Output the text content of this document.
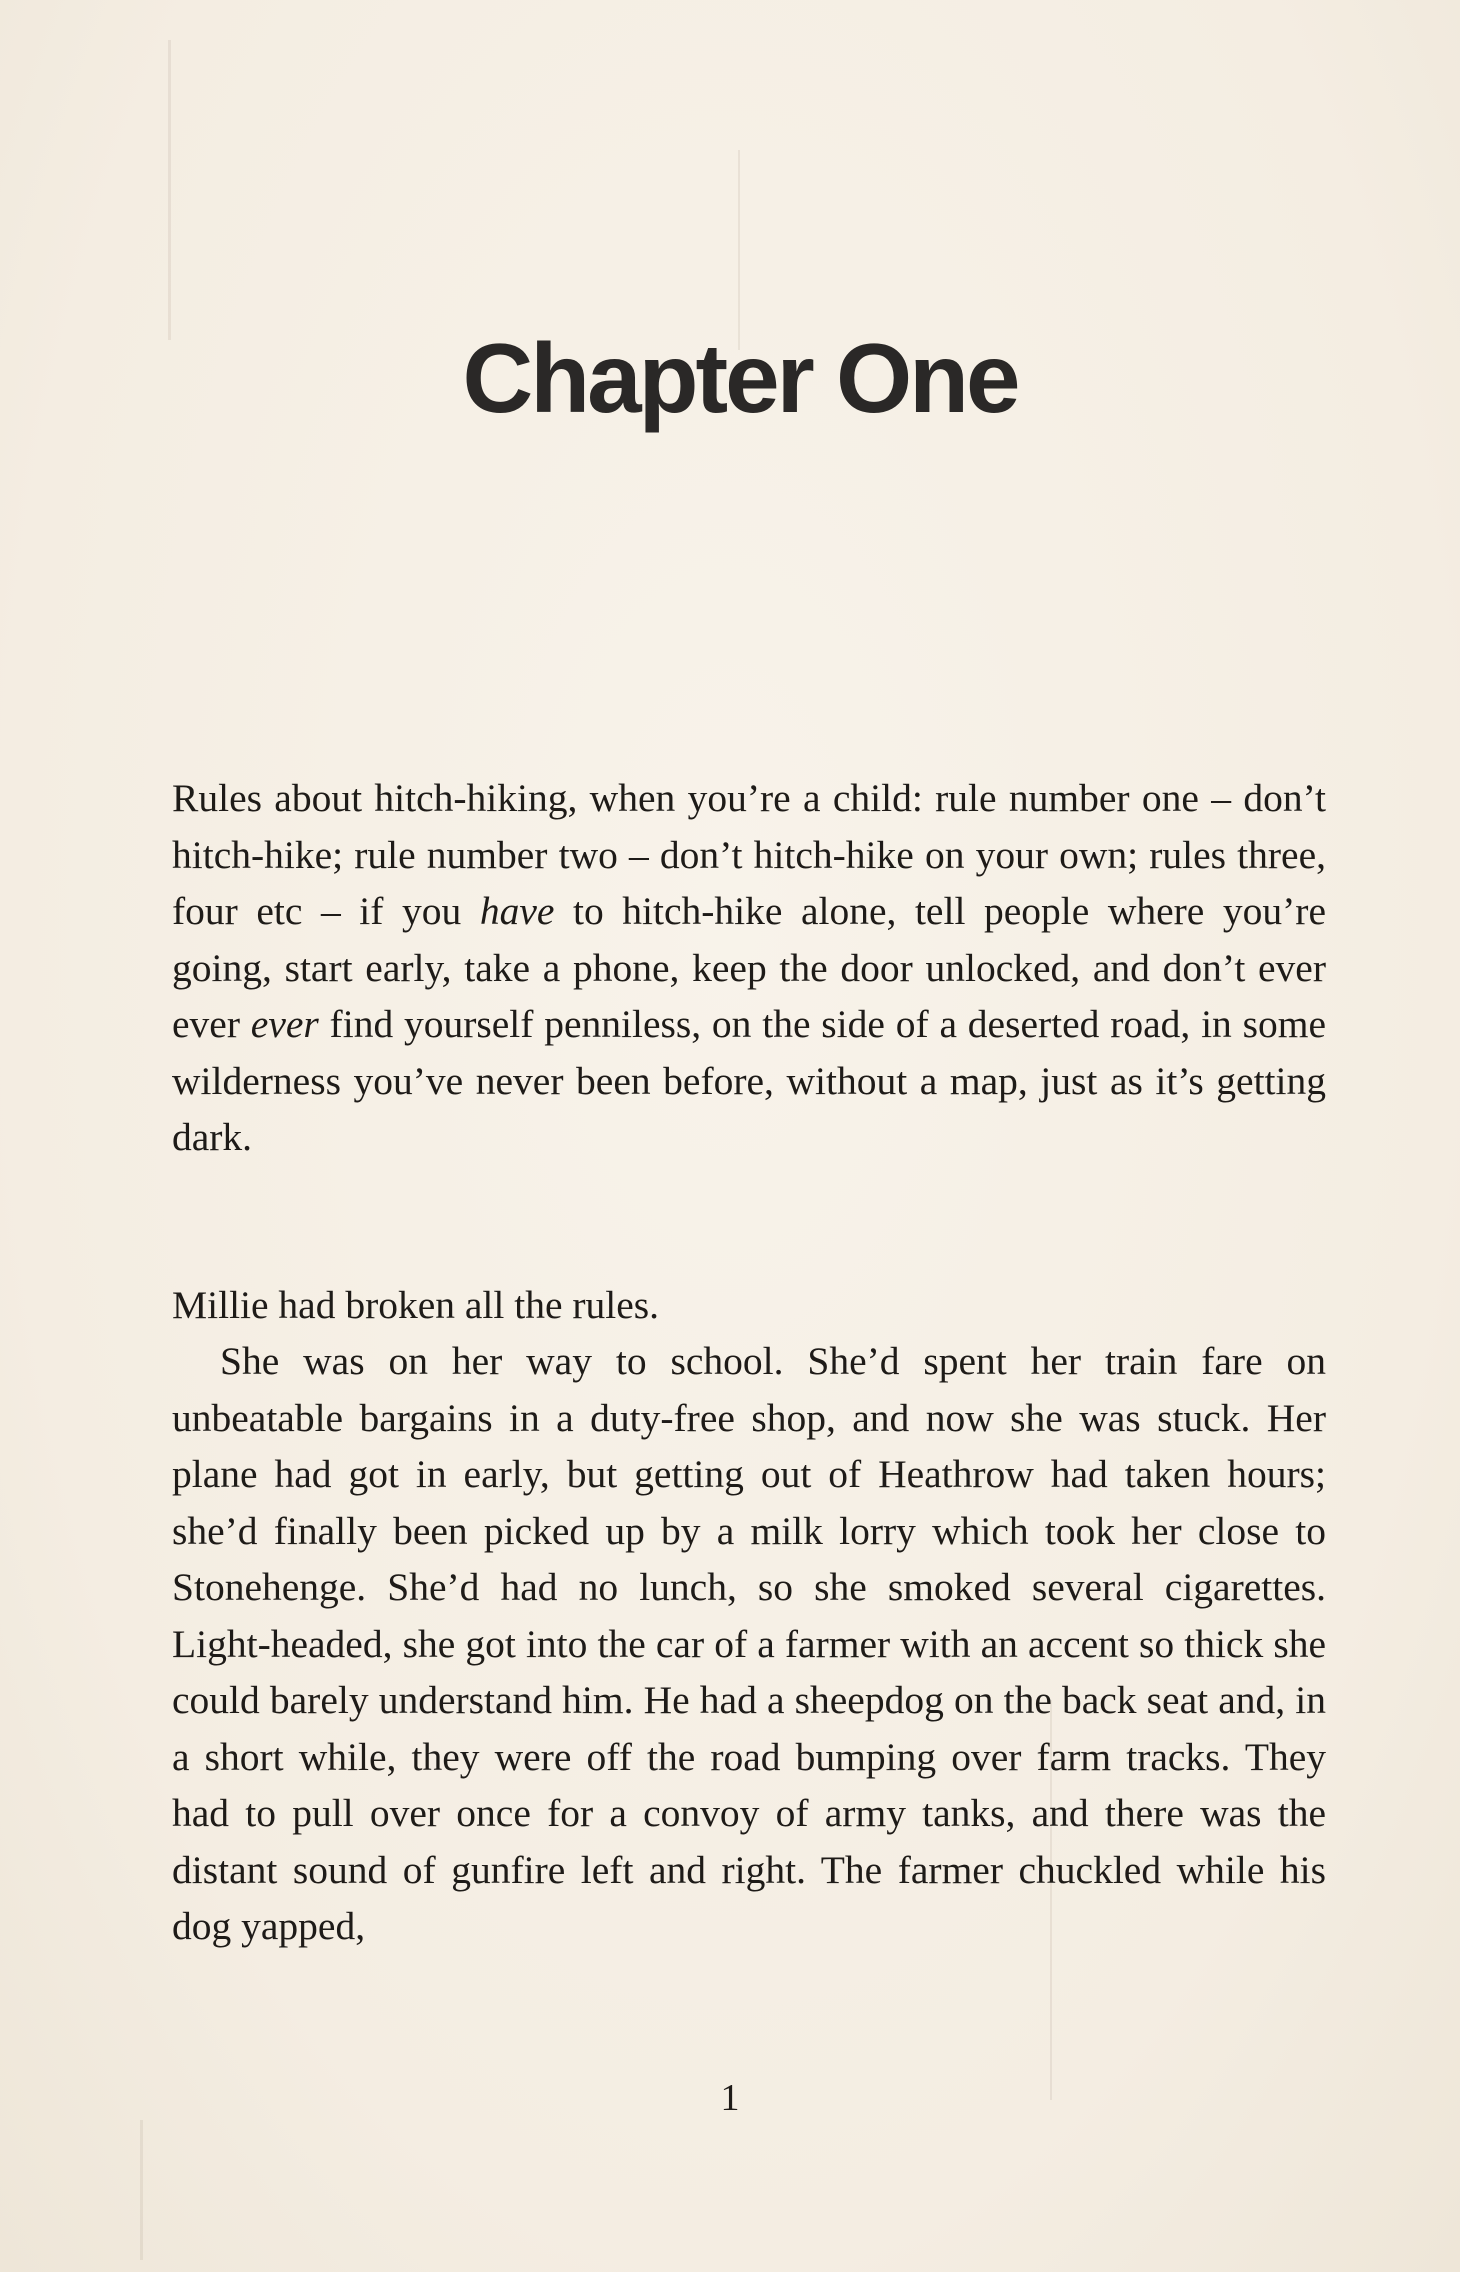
Chapter One
Rules about hitch-hiking, when you’re a child: rule number one – don’t hitch-hike; rule number two – don’t hitch-hike on your own; rules three, four etc – if you have to hitch-hike alone, tell people where you’re going, start early, take a phone, keep the door unlocked, and don’t ever ever ever find yourself penniless, on the side of a deserted road, in some wilderness you’ve never been before, without a map, just as it’s getting dark.
Millie had broken all the rules.
She was on her way to school. She’d spent her train fare on unbeatable bargains in a duty-free shop, and now she was stuck. Her plane had got in early, but getting out of Heathrow had taken hours; she’d finally been picked up by a milk lorry which took her close to Stonehenge. She’d had no lunch, so she smoked several cigarettes. Light-headed, she got into the car of a farmer with an accent so thick she could barely understand him. He had a sheepdog on the back seat and, in a short while, they were off the road bumping over farm tracks. They had to pull over once for a convoy of army tanks, and there was the distant sound of gunfire left and right. The farmer chuckled while his dog yapped,
1
